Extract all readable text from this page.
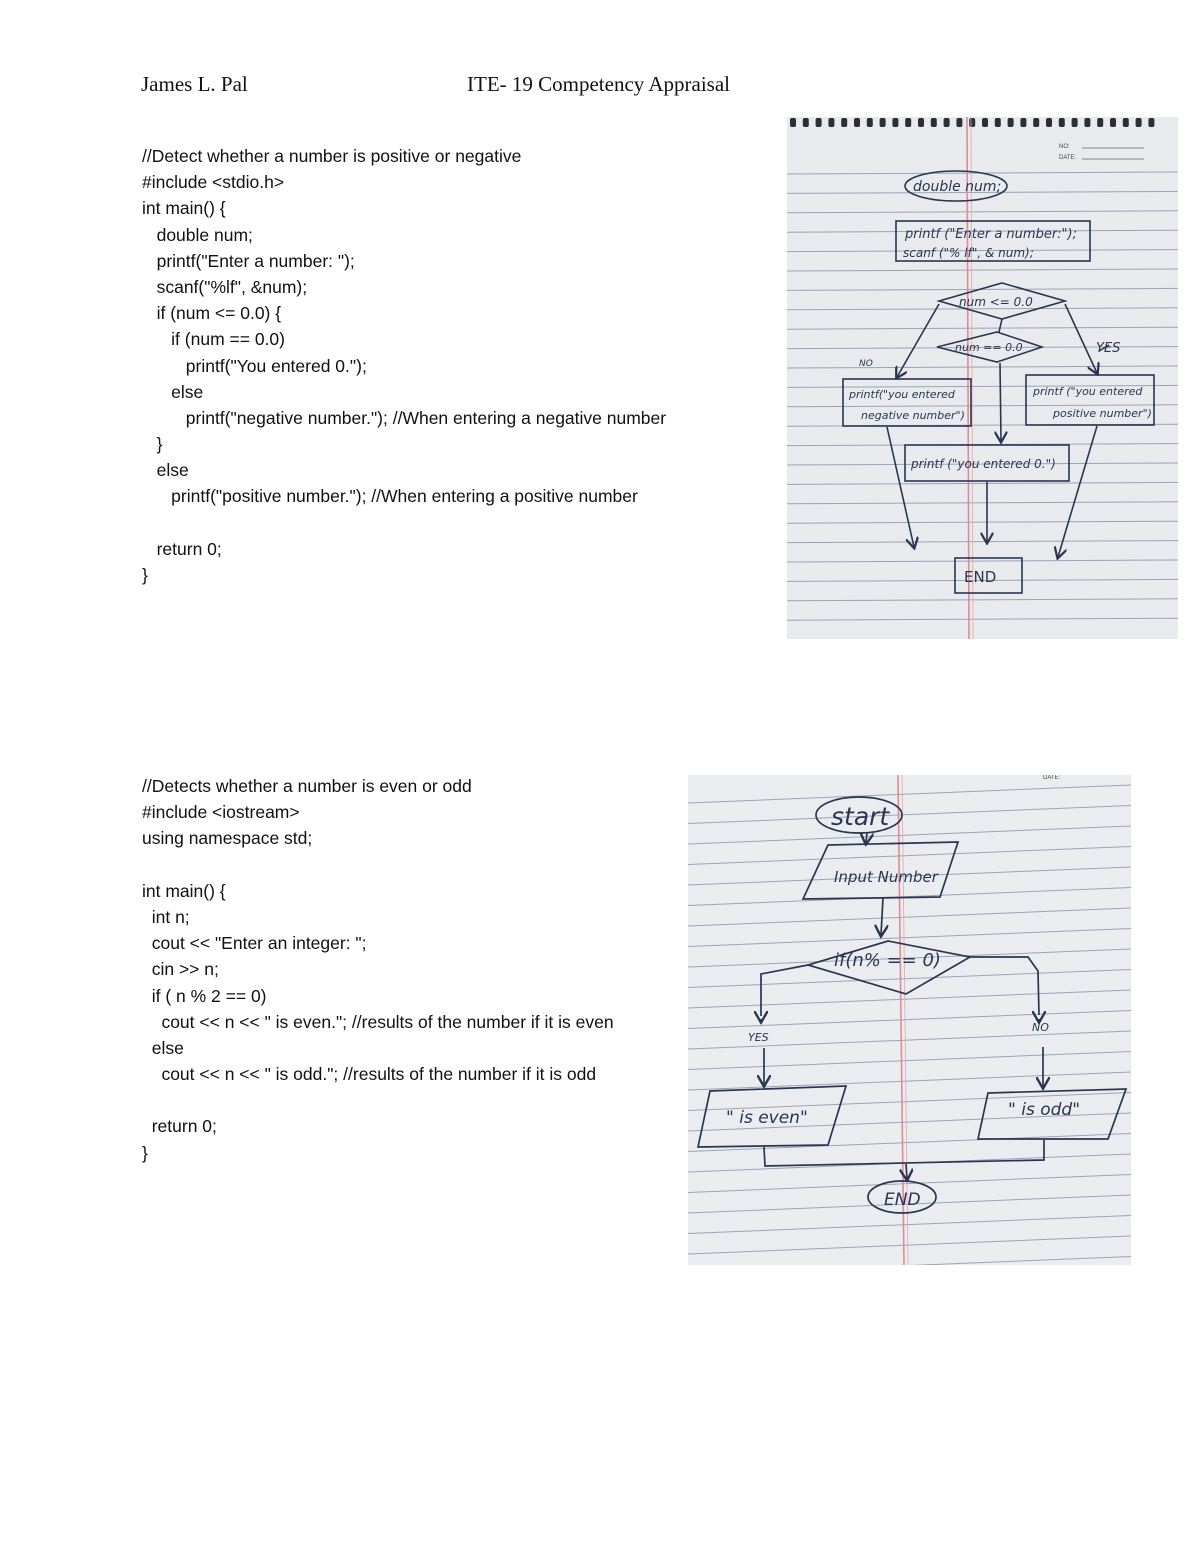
James L. Pal	ITE- 19 Competency Appraisal
//Detect whether a number is positive or negative
#include <stdio.h>
int main() {
double num;
printf("Enter a number: ");
scanf("%lf", &num);
if (num <= 0.0) {
if (num == 0.0)
printf("You entered 0.");
else
printf("negative number."); //When entering a negative number
}
else
printf("positive number."); //When entering a positive number
return 0;
}
//Detects whether a number is even or odd
#include <iostream>
using namespace std;
int main() {
int n;
cout << "Enter an integer: ";
cin >> n;
if ( n % 2 == 0)
cout << n << " is even."; //results of the number if it is even
else
cout << n << " is odd."; //results of the number if it is odd
return 0;
}
NO:
DATE:
double num;
printf ("Enter a number:");
scanf ("% lf", & num);
num <= 0.0
num == 0.0
NO
YES
printf("you entered
negative number")
printf ("you entered
positive number")
printf ("you entered 0.")
END
DATE:
start
Input Number
if(n% == 0)
YES
NO
" is even"	" is odd"
END
